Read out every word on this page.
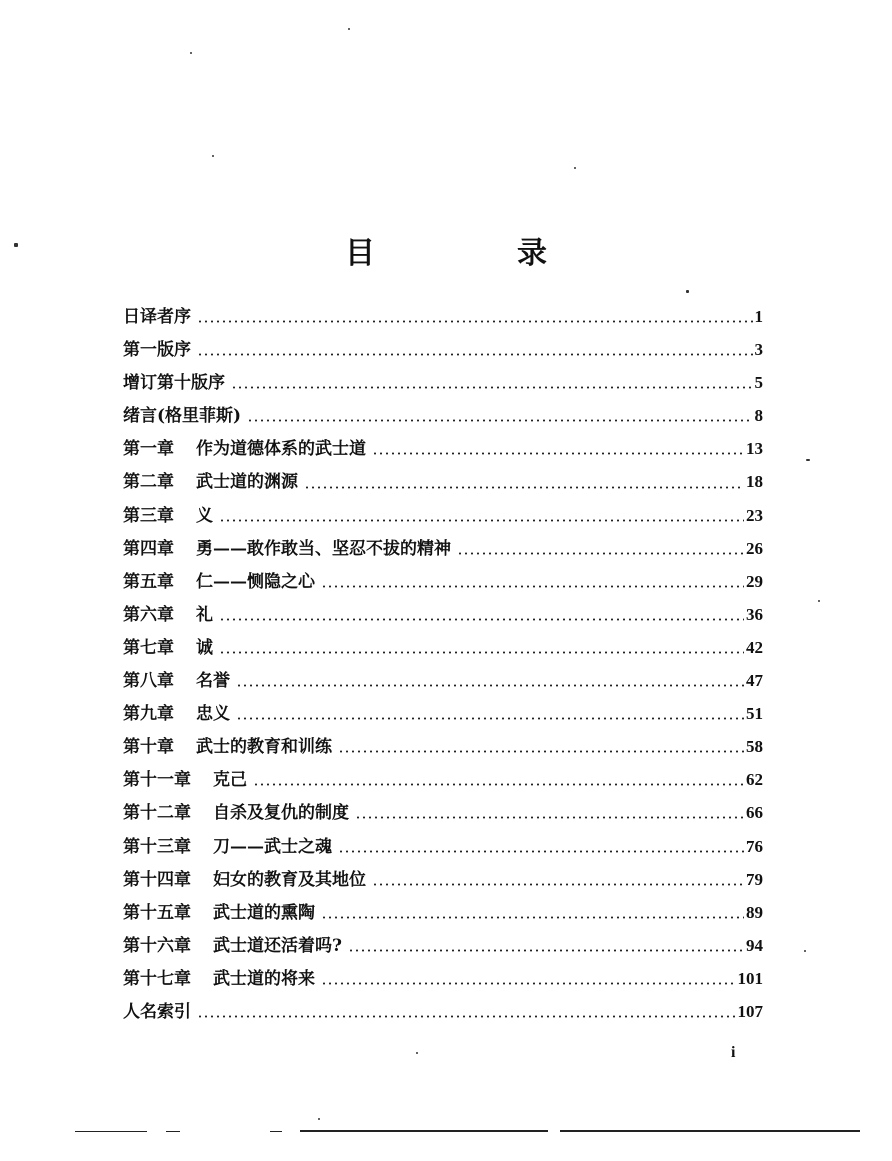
目　录
日译者序	1
第一版序	3
增订第十版序	5
绪言(格里菲斯)	8
第一章 作为道德体系的武士道	13
第二章 武士道的渊源	18
第三章 义	23
第四章 勇——敢作敢当、坚忍不拔的精神	26
第五章 仁——恻隐之心	29
第六章 礼	36
第七章 诚	42
第八章 名誉	47
第九章 忠义	51
第十章 武士的教育和训练	58
第十一章 克己	62
第十二章 自杀及复仇的制度	66
第十三章 刀——武士之魂	76
第十四章 妇女的教育及其地位	79
第十五章 武士道的熏陶	89
第十六章 武士道还活着吗?	94
第十七章 武士道的将来	101
人名索引	107
i
